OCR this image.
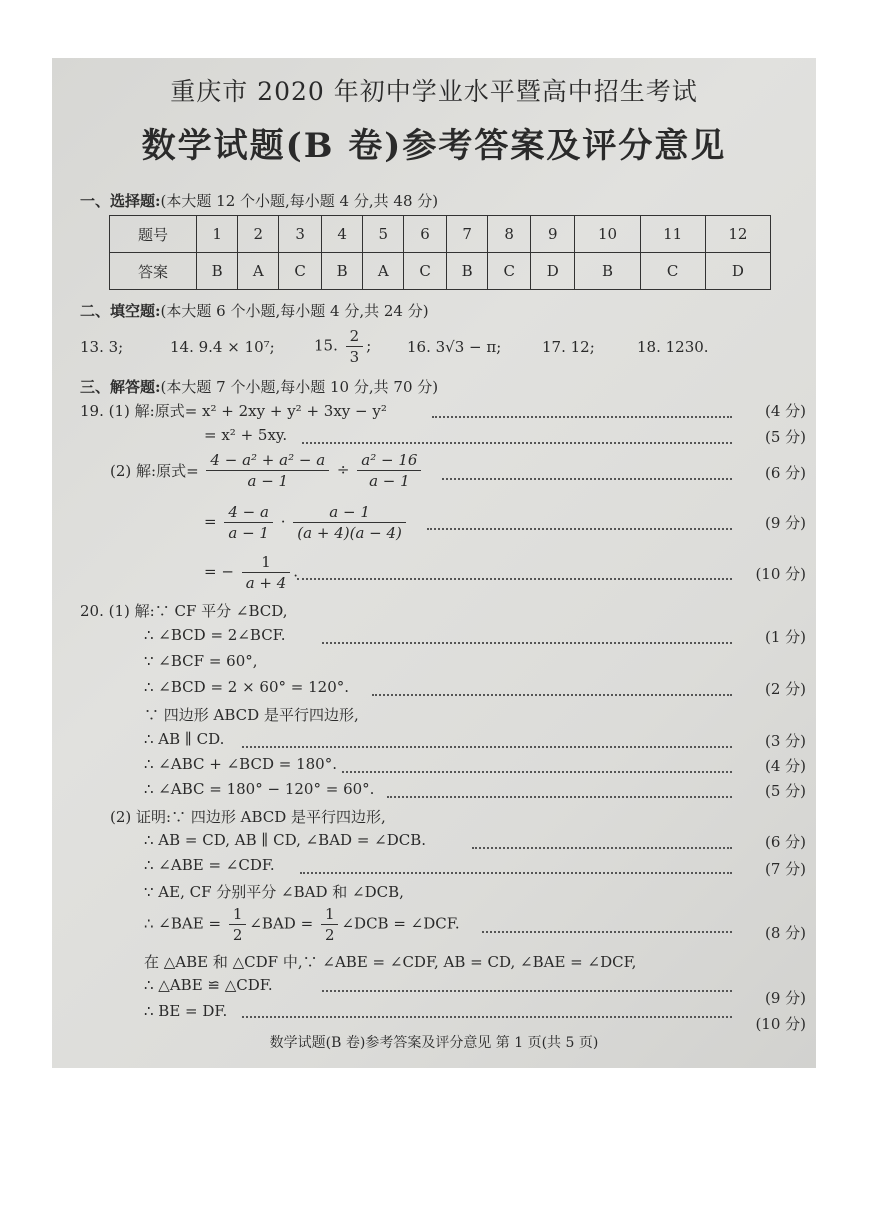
重庆市 2020 年初中学业水平暨高中招生考试
数学试题(B 卷)参考答案及评分意见
一、选择题:(本大题 12 个小题,每小题 4 分,共 48 分)
题号	1	2	3	4	5	6	7	8	9	10	11	12
答案	B	A	C	B	A	C	B	C	D	B	C	D
二、填空题:(本大题 6 个小题,每小题 4 分,共 24 分)
13. 3;	14. 9.4 × 10⁷;	15. $\frac{2}{3}$ ; 16. 3√3 − π;	17. 12;	18. 1230.
三、解答题:(本大题 7 个小题,每小题 10 分,共 70 分)
19. (1) 解:原式= x² + 2xy + y² + 3xy − y²	(4 分)
= x² + 5xy.	(5 分)
(2) 解:原式= $\frac{\text{4 − a² + a² − a}}{a - 1} \div \frac{\text{a² − 16}}{a - 1}$	(6 分)
= $\frac{4 - a}{a - 1} \cdot \frac{a - 1}{(a + 4)(a - 4)}$	(9 分)
= − $\frac{1}{a + 4}$ .	(10 分)
20. (1) 解:∵ CF 平分 ∠BCD,
∴ ∠BCD = 2∠BCF.	(1 分)
∵ ∠BCF = 60°,
∴ ∠BCD = 2 × 60° = 120°.	(2 分)
∵ 四边形 ABCD 是平行四边形,
∴ AB ∥ CD.	(3 分)
∴ ∠ABC + ∠BCD = 180°.	(4 分)
∴ ∠ABC = 180° − 120° = 60°.	(5 分)
(2) 证明:∵ 四边形 ABCD 是平行四边形,
∴ AB = CD, AB ∥ CD, ∠BAD = ∠DCB.	(6 分)
∴ ∠ABE = ∠CDF.	(7 分)
∵ AE, CF 分别平分 ∠BAD 和 ∠DCB,
∴ ∠BAE = $\frac{1}{2}$ ∠BAD = $\frac{1}{2}$ ∠DCB = ∠DCF.
(8 分)
在 △ABE 和 △CDF 中,∵ ∠ABE = ∠CDF, AB = CD, ∠BAE = ∠DCF,
∴ △ABE ≌ △CDF.
(9 分)
∴ BE = DF.
(10 分)
数学试题(B 卷)参考答案及评分意见 第 1 页(共 5 页)
